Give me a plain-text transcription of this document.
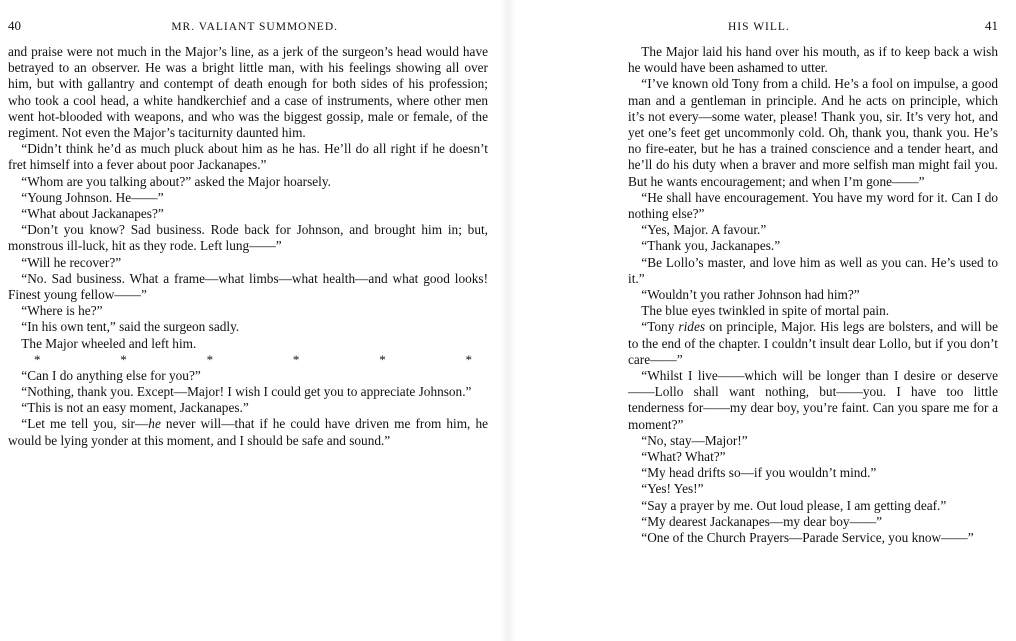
40	MR. VALIANT SUMMONED.

and praise were not much in the Major’s line, as a jerk of the surgeon’s head would have betrayed to an observer. He was a bright little man, with his feelings showing all over him, but with gallantry and contempt of death enough for both sides of his profession; who took a cool head, a white handkerchief and a case of instruments, where other men went hot-blooded with weapons, and who was the biggest gossip, male or female, of the regiment. Not even the Major’s taciturnity daunted him.

“Didn’t think he’d as much pluck about him as he has. He’ll do all right if he doesn’t fret himself into a fever about poor Jackanapes.”

“Whom are you talking about?” asked the Major hoarsely.

“Young Johnson. He——”

“What about Jackanapes?”

“Don’t you know? Sad business. Rode back for Johnson, and brought him in; but, monstrous ill-luck, hit as they rode. Left lung——”

“Will he recover?”

“No. Sad business. What a frame—what limbs—what health—and what good looks! Finest young fellow——”

“Where is he?”

“In his own tent,” said the surgeon sadly.

The Major wheeled and left him.

*	*	*	*	*	*

“Can I do anything else for you?”

“Nothing, thank you. Except—Major! I wish I could get you to appreciate Johnson.”

“This is not an easy moment, Jackanapes.”

“Let me tell you, sir—he never will—that if he could have driven me from him, he would be lying yonder at this moment, and I should be safe and sound.”

HIS WILL.	41

The Major laid his hand over his mouth, as if to keep back a wish he would have been ashamed to utter.

“I’ve known old Tony from a child. He’s a fool on impulse, a good man and a gentleman in principle. And he acts on principle, which it’s not every—some water, please! Thank you, sir. It’s very hot, and yet one’s feet get uncommonly cold. Oh, thank you, thank you. He’s no fire-eater, but he has a trained conscience and a tender heart, and he’ll do his duty when a braver and more selfish man might fail you. But he wants encouragement; and when I’m gone——”

“He shall have encouragement. You have my word for it. Can I do nothing else?”

“Yes, Major. A favour.”

“Thank you, Jackanapes.”

“Be Lollo’s master, and love him as well as you can. He’s used to it.”

“Wouldn’t you rather Johnson had him?”

The blue eyes twinkled in spite of mortal pain.

“Tony rides on principle, Major. His legs are bolsters, and will be to the end of the chapter. I couldn’t insult dear Lollo, but if you don’t care——”

“Whilst I live——which will be longer than I desire or deserve——Lollo shall want nothing, but——you. I have too little tenderness for——my dear boy, you’re faint. Can you spare me for a moment?”

“No, stay—Major!”

“What? What?”

“My head drifts so—if you wouldn’t mind.”

“Yes! Yes!”

“Say a prayer by me. Out loud please, I am getting deaf.”

“My dearest Jackanapes—my dear boy——”

“One of the Church Prayers—Parade Service, you know——”
